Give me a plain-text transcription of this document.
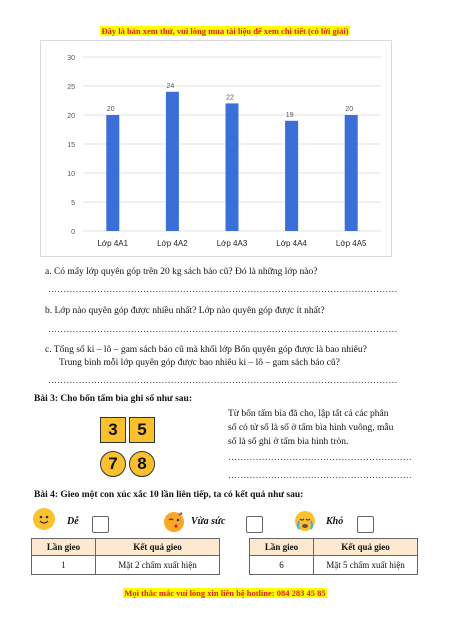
Đây là bản xem thử, vui lòng mua tài liệu để xem chi tiết (có lời giải)
0
5
10
15
20
25
30
20
Lớp 4A1
24
Lớp 4A2
22
Lớp 4A3
19
Lớp 4A4
20
Lớp 4A5
a. Có mấy lớp quyên góp trên 20 kg sách báo cũ? Đó là những lớp nào?
……………………………………………………………………………………………………
b. Lớp nào quyên góp được nhiều nhất? Lớp nào quyên góp được ít nhất?
……………………………………………………………………………………………………
c. Tổng số ki – lô – gam sách báo cũ mà khối lớp Bốn quyên góp được là bao nhiêu?
Trung bình mỗi lớp quyên góp được bao nhiêu ki – lô – gam sách báo cũ?
……………………………………………………………………………………………………
Bài 3: Cho bốn tấm bìa ghi số như sau:
3	5
7	8
Từ bốn tấm bìa đã cho, lập tất cả các phân
số có tử số là số ở tấm bìa hình vuông, mẫu
số là số ghi ở tấm bìa hình tròn.
……………………………………………………
……………………………………………………
Bài 4: Gieo một con xúc xắc 10 lần liên tiếp, ta có kết quả như sau:
Dễ	Vừa sức	Khó
Lần gieo	Kết quả gieo
1	Mặt 2 chấm xuất hiện
Lần gieo	Kết quả gieo
6	Mặt 5 chấm xuất hiện
Mọi thắc mắc vui lòng xin liên hệ hotline: 084 283 45 85
